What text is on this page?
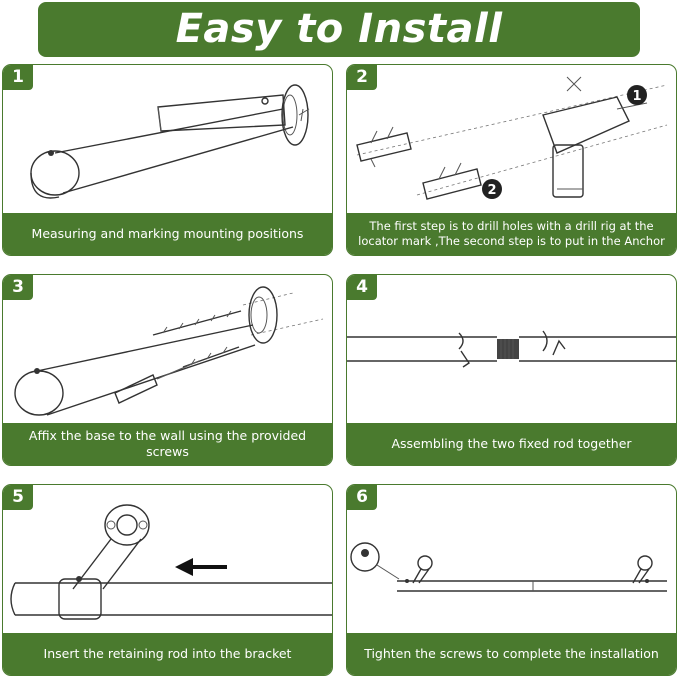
Easy to Install
1
Measuring and marking mounting positions
1
2
2
The first step is to drill holes with a drill rig at the locator mark ,The second step is to put in the Anchor
3
Affix the base to the wall using the provided screws
4
Assembling the two fixed rod together
5
Insert the retaining rod into the bracket
6
Tighten the screws to complete the installation
